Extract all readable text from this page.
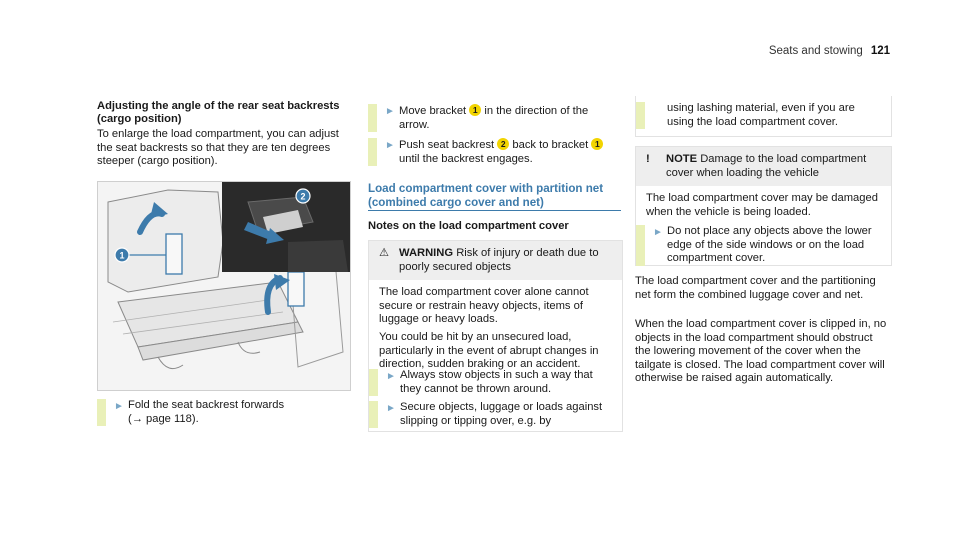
Seats and stowing 121

Adjusting the angle of the rear seat backrests (cargo position)

To enlarge the load compartment, you can adjust the seat backrests so that they are ten degrees steeper (cargo position).

1
2
► Fold the seat backrest forwards
(→ page 118).
► Move bracket 1 in the direction of the arrow.
► Push seat backrest 2 back to bracket 1 until the backrest engages.

Load compartment cover with partition net (combined cargo cover and net)

Notes on the load compartment cover

⚠ WARNING Risk of injury or death due to poorly secured objects

The load compartment cover alone cannot secure or restrain heavy objects, items of luggage or heavy loads.

You could be hit by an unsecured load, particularly in the event of abrupt changes in direction, sudden braking or an accident.

► Always stow objects in such a way that they cannot be thrown around.
► Secure objects, luggage or loads against slipping or tipping over, e.g. by
using lashing material, even if you are using the load compartment cover.
!	NOTE Damage to the load compartment cover when loading the vehicle

The load compartment cover may be damaged when the vehicle is being loaded.

► Do not place any objects above the lower edge of the side windows or on the load compartment cover.

The load compartment cover and the partitioning net form the combined luggage cover and net.

When the load compartment cover is clipped in, no objects in the load compartment should obstruct the lowering movement of the cover when the tailgate is closed. The load compartment cover will otherwise be raised again automatically.
